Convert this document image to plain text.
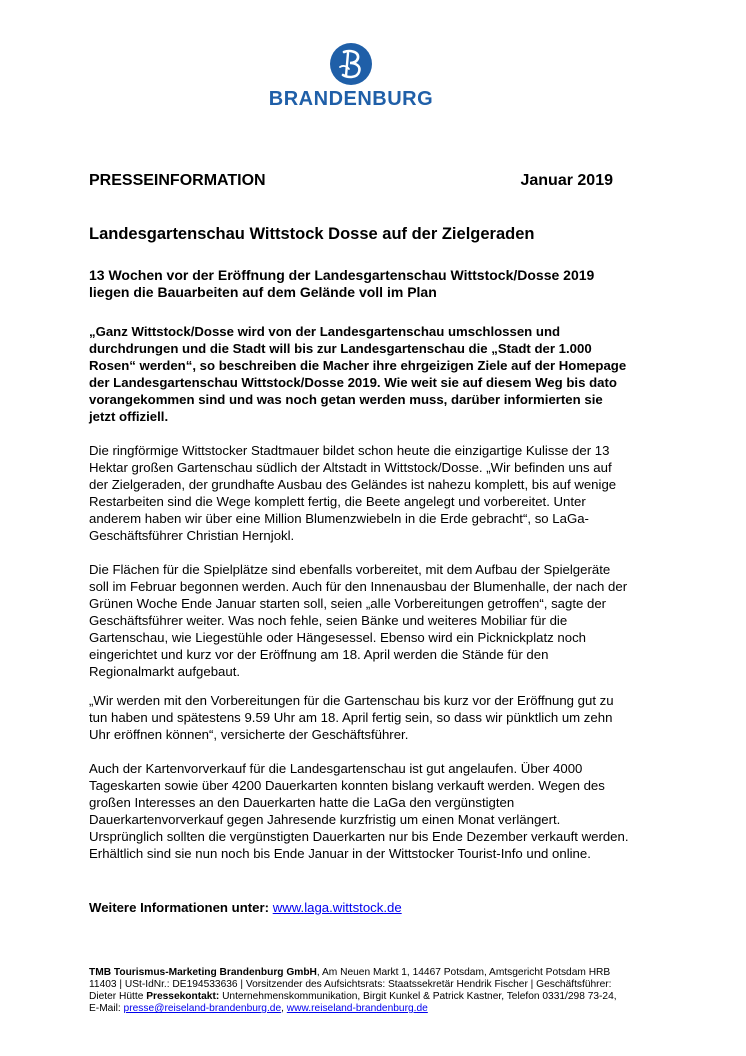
BRANDENBURG
PRESSEINFORMATION	Januar 2019
Landesgartenschau Wittstock Dosse auf der Zielgeraden
13 Wochen vor der Eröffnung der Landesgartenschau Wittstock/Dosse 2019 liegen die Bauarbeiten auf dem Gelände voll im Plan
„Ganz Wittstock/Dosse wird von der Landesgartenschau umschlossen und durchdrungen und die Stadt will bis zur Landesgartenschau die „Stadt der 1.000 Rosen“ werden“, so beschreiben die Macher ihre ehrgeizigen Ziele auf der Homepage der Landesgartenschau Wittstock/Dosse 2019. Wie weit sie auf diesem Weg bis dato vorangekommen sind und was noch getan werden muss, darüber informierten sie jetzt offiziell.
Die ringförmige Wittstocker Stadtmauer bildet schon heute die einzigartige Kulisse der 13 Hektar großen Gartenschau südlich der Altstadt in Wittstock/Dosse. „Wir befinden uns auf der Zielgeraden, der grundhafte Ausbau des Geländes ist nahezu komplett, bis auf wenige Restarbeiten sind die Wege komplett fertig, die Beete angelegt und vorbereitet. Unter anderem haben wir über eine Million Blumenzwiebeln in die Erde gebracht“, so LaGa-Geschäftsführer Christian Hernjokl.
Die Flächen für die Spielplätze sind ebenfalls vorbereitet, mit dem Aufbau der Spielgeräte soll im Februar begonnen werden. Auch für den Innenausbau der Blumenhalle, der nach der Grünen Woche Ende Januar starten soll, seien „alle Vorbereitungen getroffen“, sagte der Geschäftsführer weiter. Was noch fehle, seien Bänke und weiteres Mobiliar für die Gartenschau, wie Liegestühle oder Hängesessel. Ebenso wird ein Picknickplatz noch eingerichtet und kurz vor der Eröffnung am 18. April werden die Stände für den Regionalmarkt aufgebaut.
„Wir werden mit den Vorbereitungen für die Gartenschau bis kurz vor der Eröffnung gut zu tun haben und spätestens 9.59 Uhr am 18. April fertig sein, so dass wir pünktlich um zehn Uhr eröffnen können“, versicherte der Geschäftsführer.
Auch der Kartenvorverkauf für die Landesgartenschau ist gut angelaufen. Über 4000 Tageskarten sowie über 4200 Dauerkarten konnten bislang verkauft werden. Wegen des großen Interesses an den Dauerkarten hatte die LaGa den vergünstigten Dauerkartenvorverkauf gegen Jahresende kurzfristig um einen Monat verlängert. Ursprünglich sollten die vergünstigten Dauerkarten nur bis Ende Dezember verkauft werden. Erhältlich sind sie nun noch bis Ende Januar in der Wittstocker Tourist-Info und online.
Weitere Informationen unter: www.laga.wittstock.de
TMB Tourismus-Marketing Brandenburg GmbH, Am Neuen Markt 1, 14467 Potsdam, Amtsgericht Potsdam HRB 11403 | USt-IdNr.: DE194533636 | Vorsitzender des Aufsichtsrats: Staatssekretär Hendrik Fischer | Geschäftsführer: Dieter Hütte Pressekontakt: Unternehmenskommunikation, Birgit Kunkel & Patrick Kastner, Telefon 0331/298 73-24, E-Mail: presse@reiseland-brandenburg.de, www.reiseland-brandenburg.de
